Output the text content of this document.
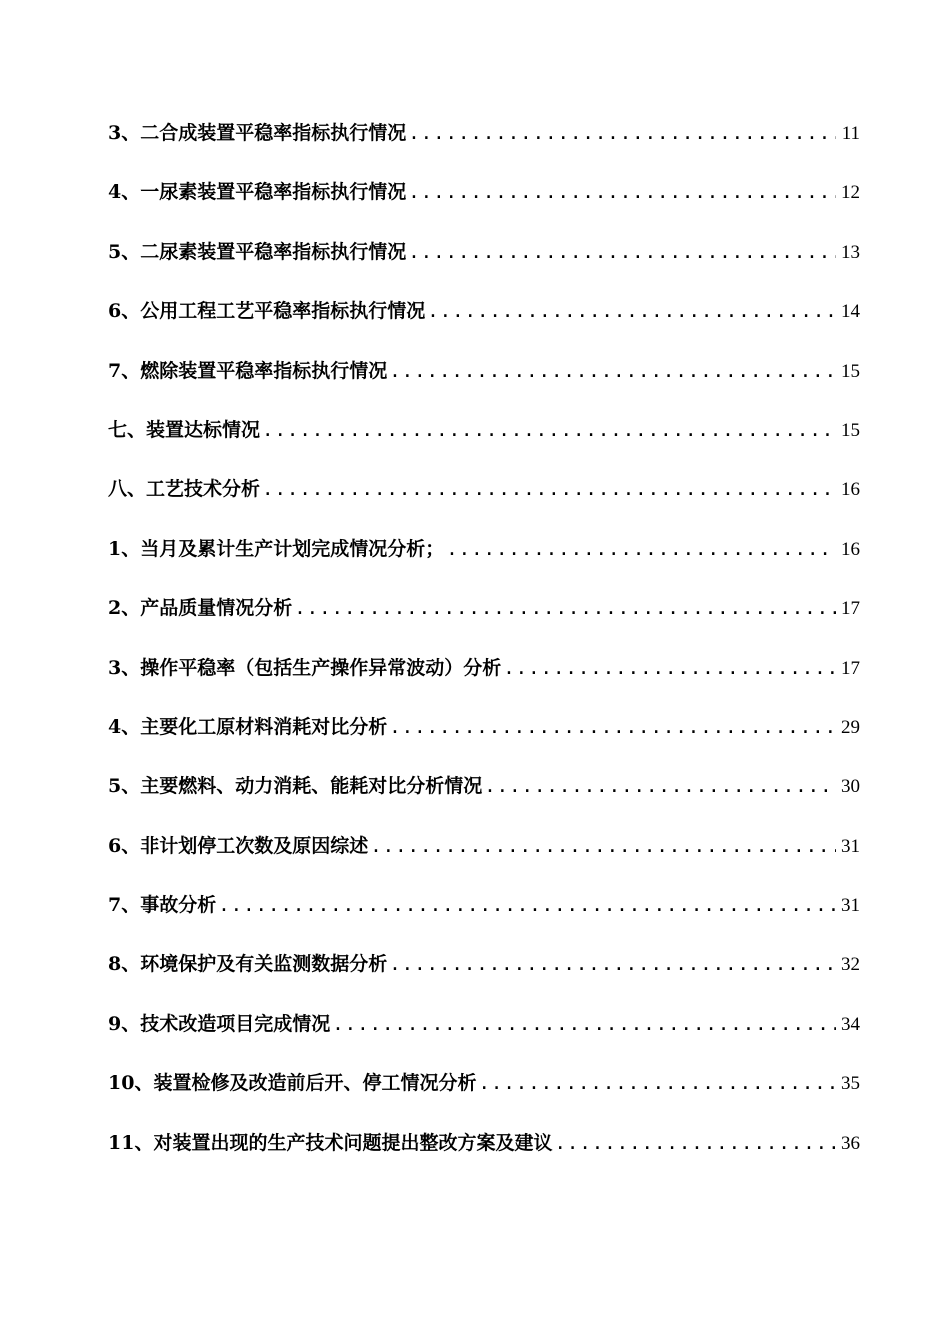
3、二合成装置平稳率指标执行情况 .....	11
4、一尿素装置平稳率指标执行情况 .....	12
5、二尿素装置平稳率指标执行情况 .....	13
6、公用工程工艺平稳率指标执行情况 .....	14
7、燃除装置平稳率指标执行情况 .....	15
七、装置达标情况 .....	15
八、工艺技术分析 .....	16
1、当月及累计生产计划完成情况分析； .....	16
2、产品质量情况分析 .....	17
3、操作平稳率（包括生产操作异常波动）分析 .....	17
4、主要化工原材料消耗对比分析 .....	29
5、主要燃料、动力消耗、能耗对比分析情况 .....	30
6、非计划停工次数及原因综述 .....	31
7、事故分析 .....	31
8、环境保护及有关监测数据分析 .....	32
9、技术改造项目完成情况 .....	34
10、装置检修及改造前后开、停工情况分析 .....	35
11、对装置出现的生产技术问题提出整改方案及建议 .....	36
